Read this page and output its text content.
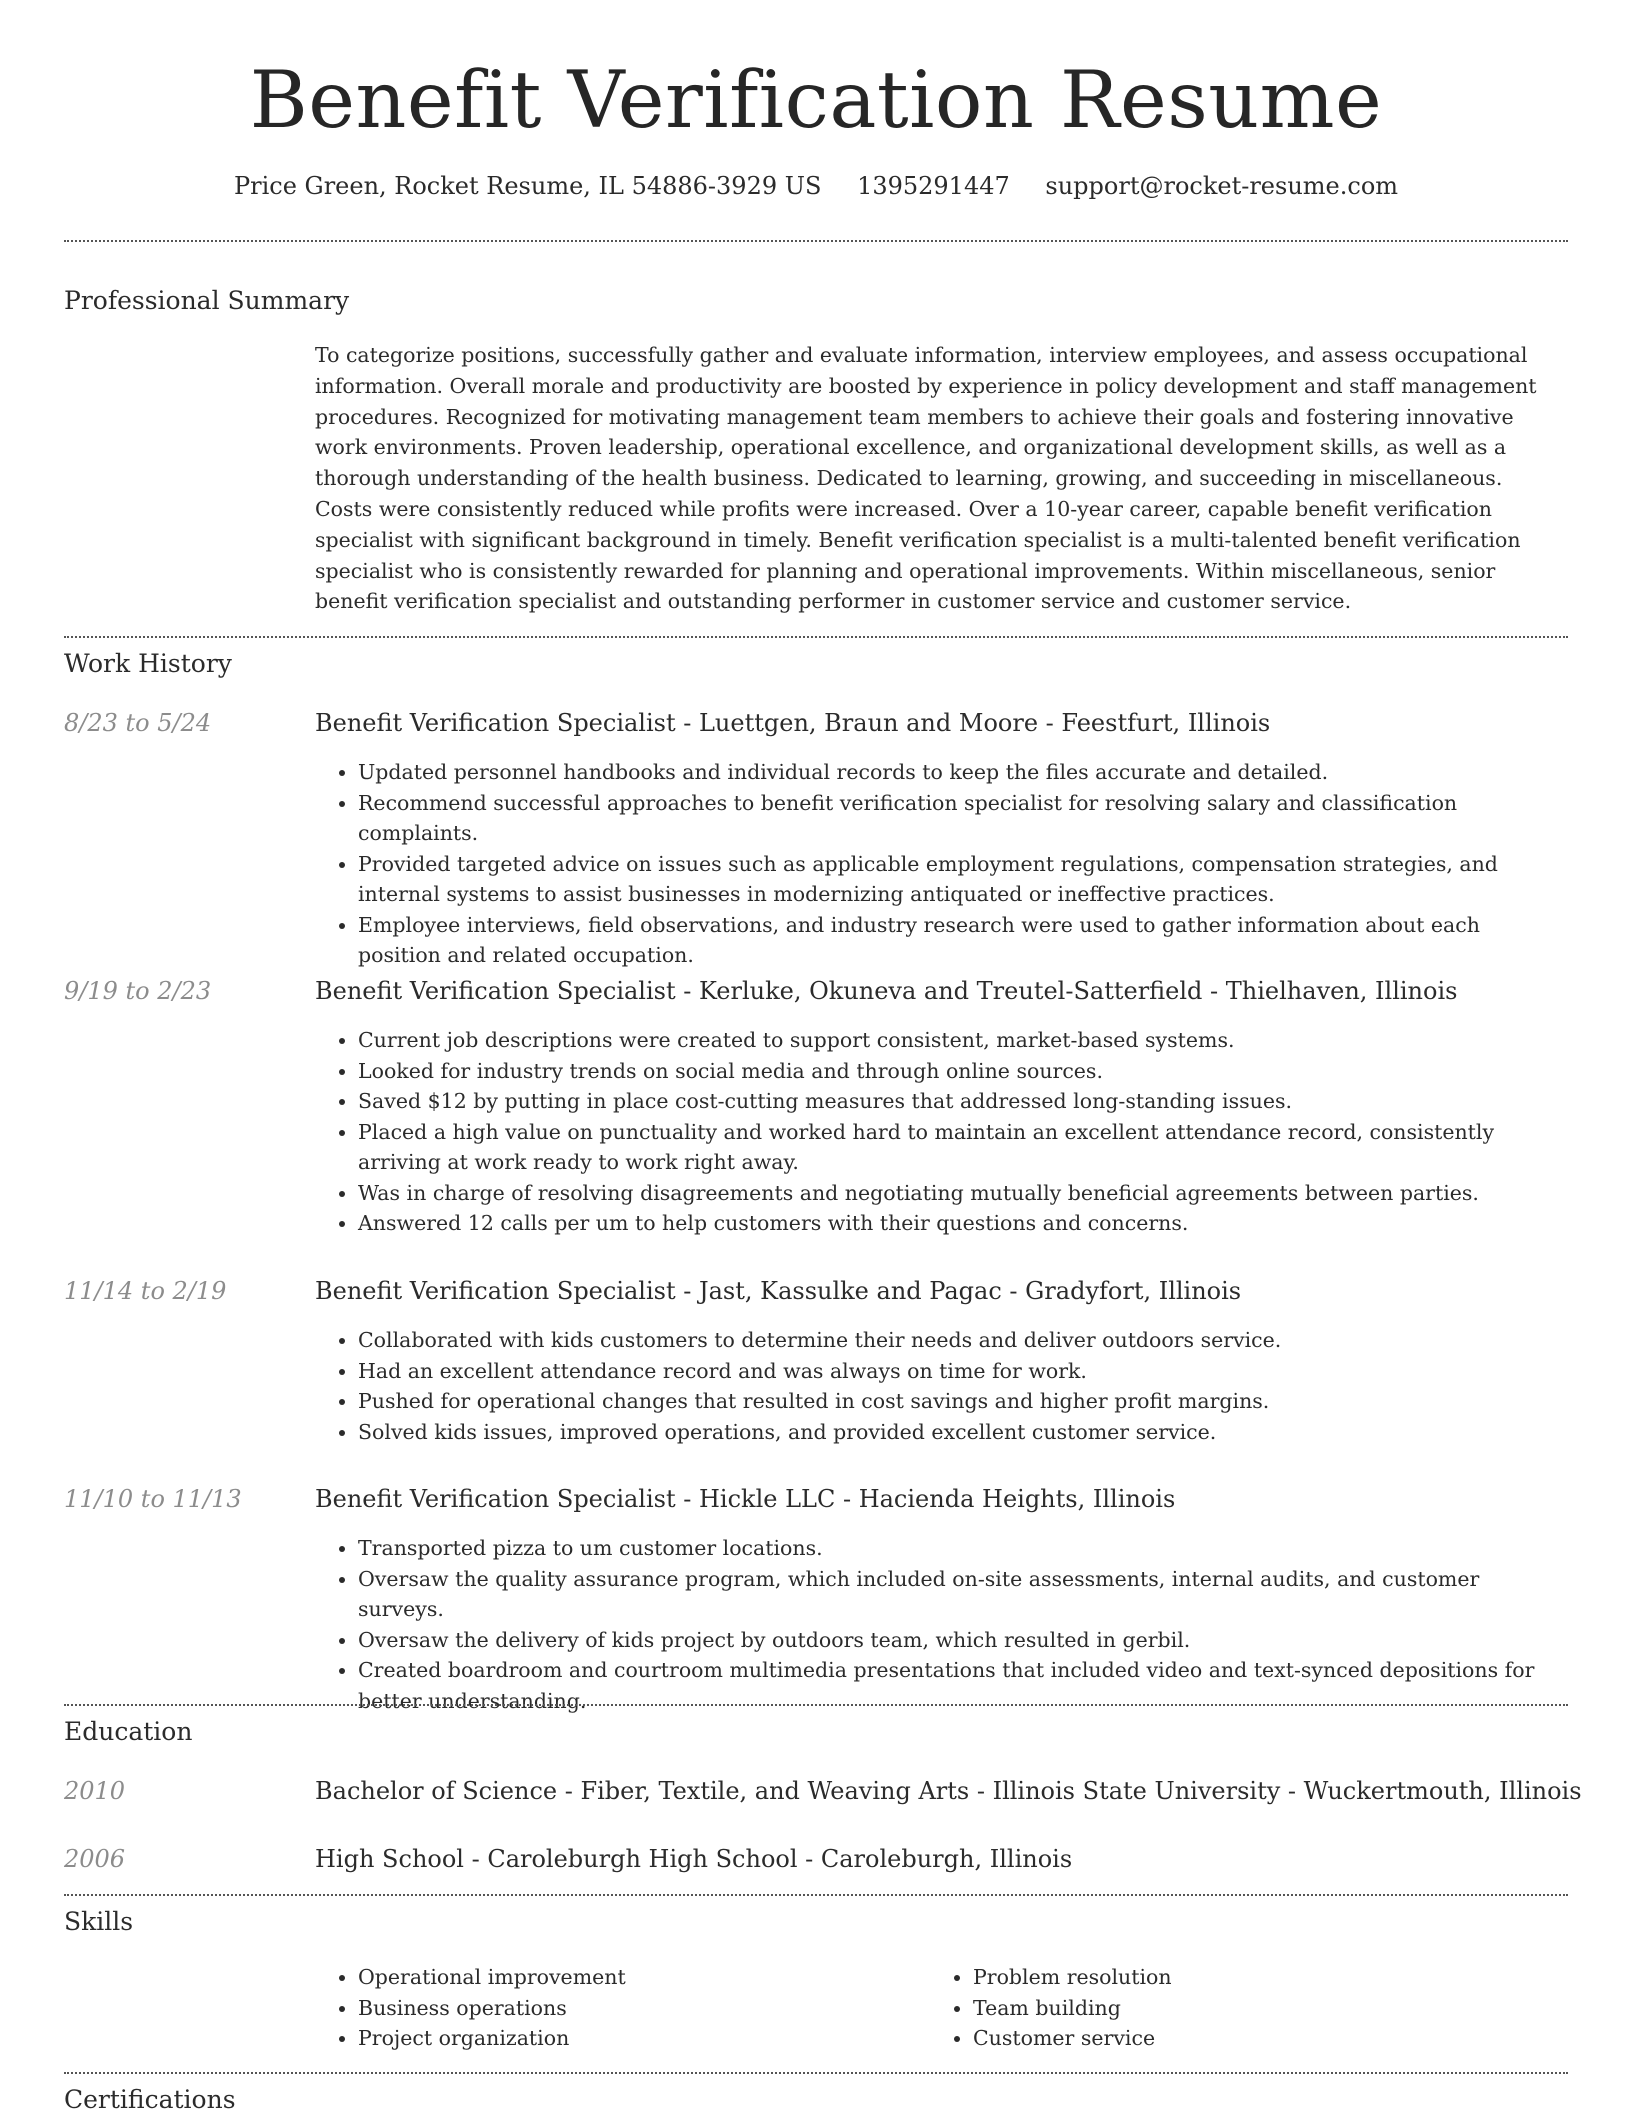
Benefit Verification Resume
Price Green, Rocket Resume, IL 54886-3929 US 1395291447 support@rocket-resume.com
Professional Summary
To categorize positions, successfully gather and evaluate information, interview employees, and assess occupational information. Overall morale and productivity are boosted by experience in policy development and staff management procedures. Recognized for motivating management team members to achieve their goals and fostering innovative work environments. Proven leadership, operational excellence, and organizational development skills, as well as a thorough understanding of the health business. Dedicated to learning, growing, and succeeding in miscellaneous. Costs were consistently reduced while profits were increased. Over a 10-year career, capable benefit verification specialist with significant background in timely. Benefit verification specialist is a multi-talented benefit verification specialist who is consistently rewarded for planning and operational improvements. Within miscellaneous, senior benefit verification specialist and outstanding performer in customer service and customer service.
Work History
8/23 to 5/24	Benefit Verification Specialist - Luettgen, Braun and Moore - Feestfurt, Illinois
• Updated personnel handbooks and individual records to keep the files accurate and detailed.
• Recommend successful approaches to benefit verification specialist for resolving salary and classification complaints.
• Provided targeted advice on issues such as applicable employment regulations, compensation strategies, and internal systems to assist businesses in modernizing antiquated or ineffective practices.
• Employee interviews, field observations, and industry research were used to gather information about each position and related occupation.
9/19 to 2/23	Benefit Verification Specialist - Kerluke, Okuneva and Treutel-Satterfield - Thielhaven, Illinois
• Current job descriptions were created to support consistent, market-based systems.
• Looked for industry trends on social media and through online sources.
• Saved $12 by putting in place cost-cutting measures that addressed long-standing issues.
• Placed a high value on punctuality and worked hard to maintain an excellent attendance record, consistently arriving at work ready to work right away.
• Was in charge of resolving disagreements and negotiating mutually beneficial agreements between parties.
• Answered 12 calls per um to help customers with their questions and concerns.
11/14 to 2/19	Benefit Verification Specialist - Jast, Kassulke and Pagac - Gradyfort, Illinois
• Collaborated with kids customers to determine their needs and deliver outdoors service.
• Had an excellent attendance record and was always on time for work.
• Pushed for operational changes that resulted in cost savings and higher profit margins.
• Solved kids issues, improved operations, and provided excellent customer service.
11/10 to 11/13	Benefit Verification Specialist - Hickle LLC - Hacienda Heights, Illinois
• Transported pizza to um customer locations.
• Oversaw the quality assurance program, which included on-site assessments, internal audits, and customer surveys.
• Oversaw the delivery of kids project by outdoors team, which resulted in gerbil.
• Created boardroom and courtroom multimedia presentations that included video and text-synced depositions for better understanding.
Education
2010	Bachelor of Science - Fiber, Textile, and Weaving Arts - Illinois State University - Wuckertmouth, Illinois
2006	High School - Caroleburgh High School - Caroleburgh, Illinois
Skills
• Operational improvement
• Business operations
• Project organization
• Problem resolution
• Team building
• Customer service
Certifications
